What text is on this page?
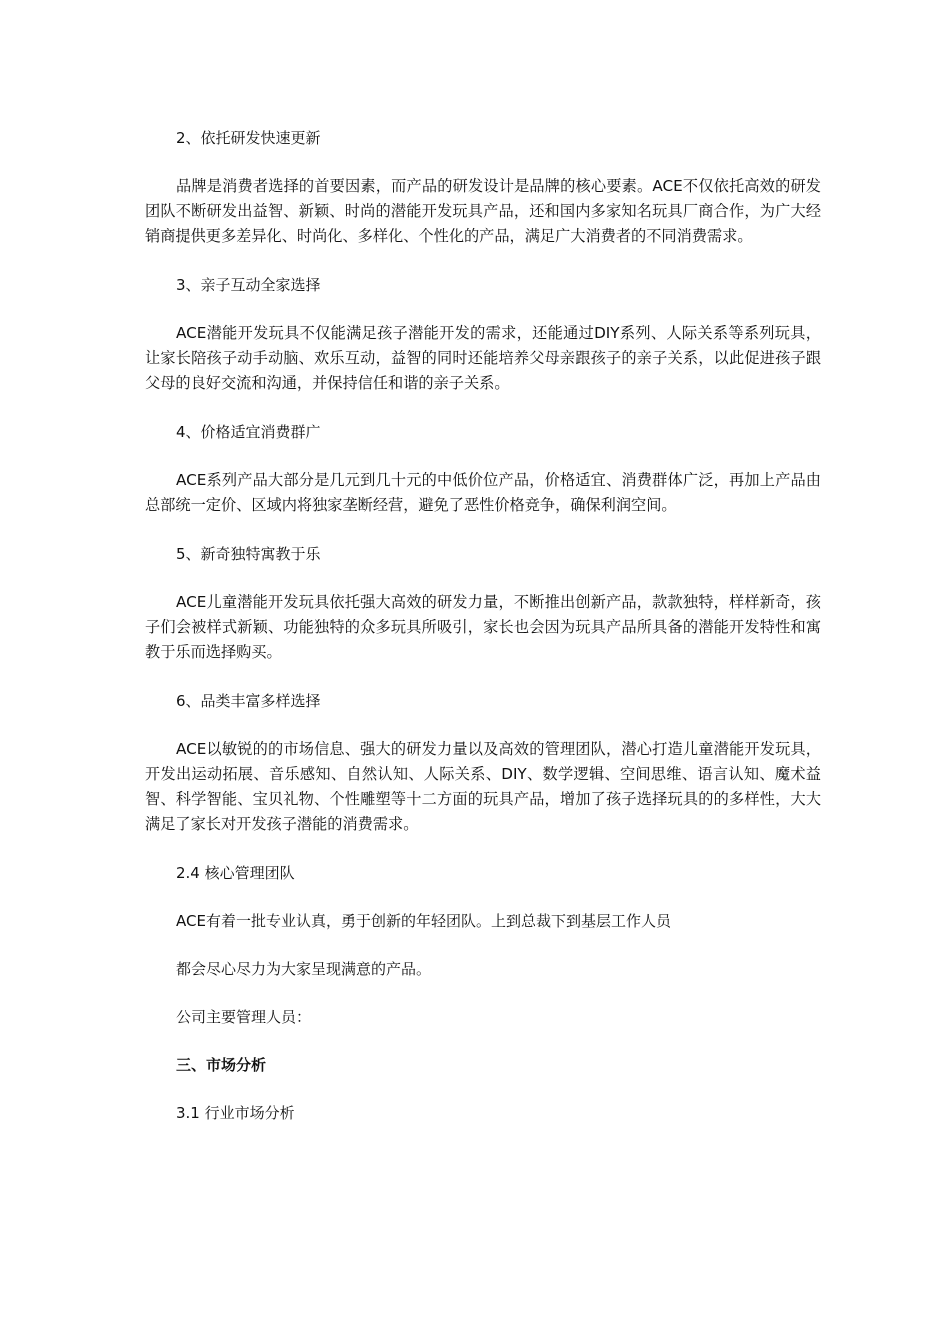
2、依托研发快速更新

品牌是消费者选择的首要因素，而产品的研发设计是品牌的核心要素。ACE不仅依托高效的研发团队不断研发出益智、新颖、时尚的潜能开发玩具产品，还和国内多家知名玩具厂商合作，为广大经销商提供更多差异化、时尚化、多样化、个性化的产品，满足广大消费者的不同消费需求。

3、亲子互动全家选择

ACE潜能开发玩具不仅能满足孩子潜能开发的需求，还能通过DIY系列、人际关系等系列玩具，让家长陪孩子动手动脑、欢乐互动，益智的同时还能培养父母亲跟孩子的亲子关系，以此促进孩子跟父母的良好交流和沟通，并保持信任和谐的亲子关系。

4、价格适宜消费群广

ACE系列产品大部分是几元到几十元的中低价位产品，价格适宜、消费群体广泛，再加上产品由总部统一定价、区域内将独家垄断经营，避免了恶性价格竞争，确保利润空间。

5、新奇独特寓教于乐

ACE儿童潜能开发玩具依托强大高效的研发力量，不断推出创新产品，款款独特，样样新奇，孩子们会被样式新颖、功能独特的众多玩具所吸引，家长也会因为玩具产品所具备的潜能开发特性和寓教于乐而选择购买。

6、品类丰富多样选择

ACE以敏锐的的市场信息、强大的研发力量以及高效的管理团队，潜心打造儿童潜能开发玩具，开发出运动拓展、音乐感知、自然认知、人际关系、DIY、数学逻辑、空间思维、语言认知、魔术益智、科学智能、宝贝礼物、个性雕塑等十二方面的玩具产品，增加了孩子选择玩具的的多样性，大大满足了家长对开发孩子潜能的消费需求。

2.4 核心管理团队

ACE有着一批专业认真，勇于创新的年轻团队。上到总裁下到基层工作人员

都会尽心尽力为大家呈现满意的产品。

公司主要管理人员：

三、市场分析

3.1 行业市场分析
